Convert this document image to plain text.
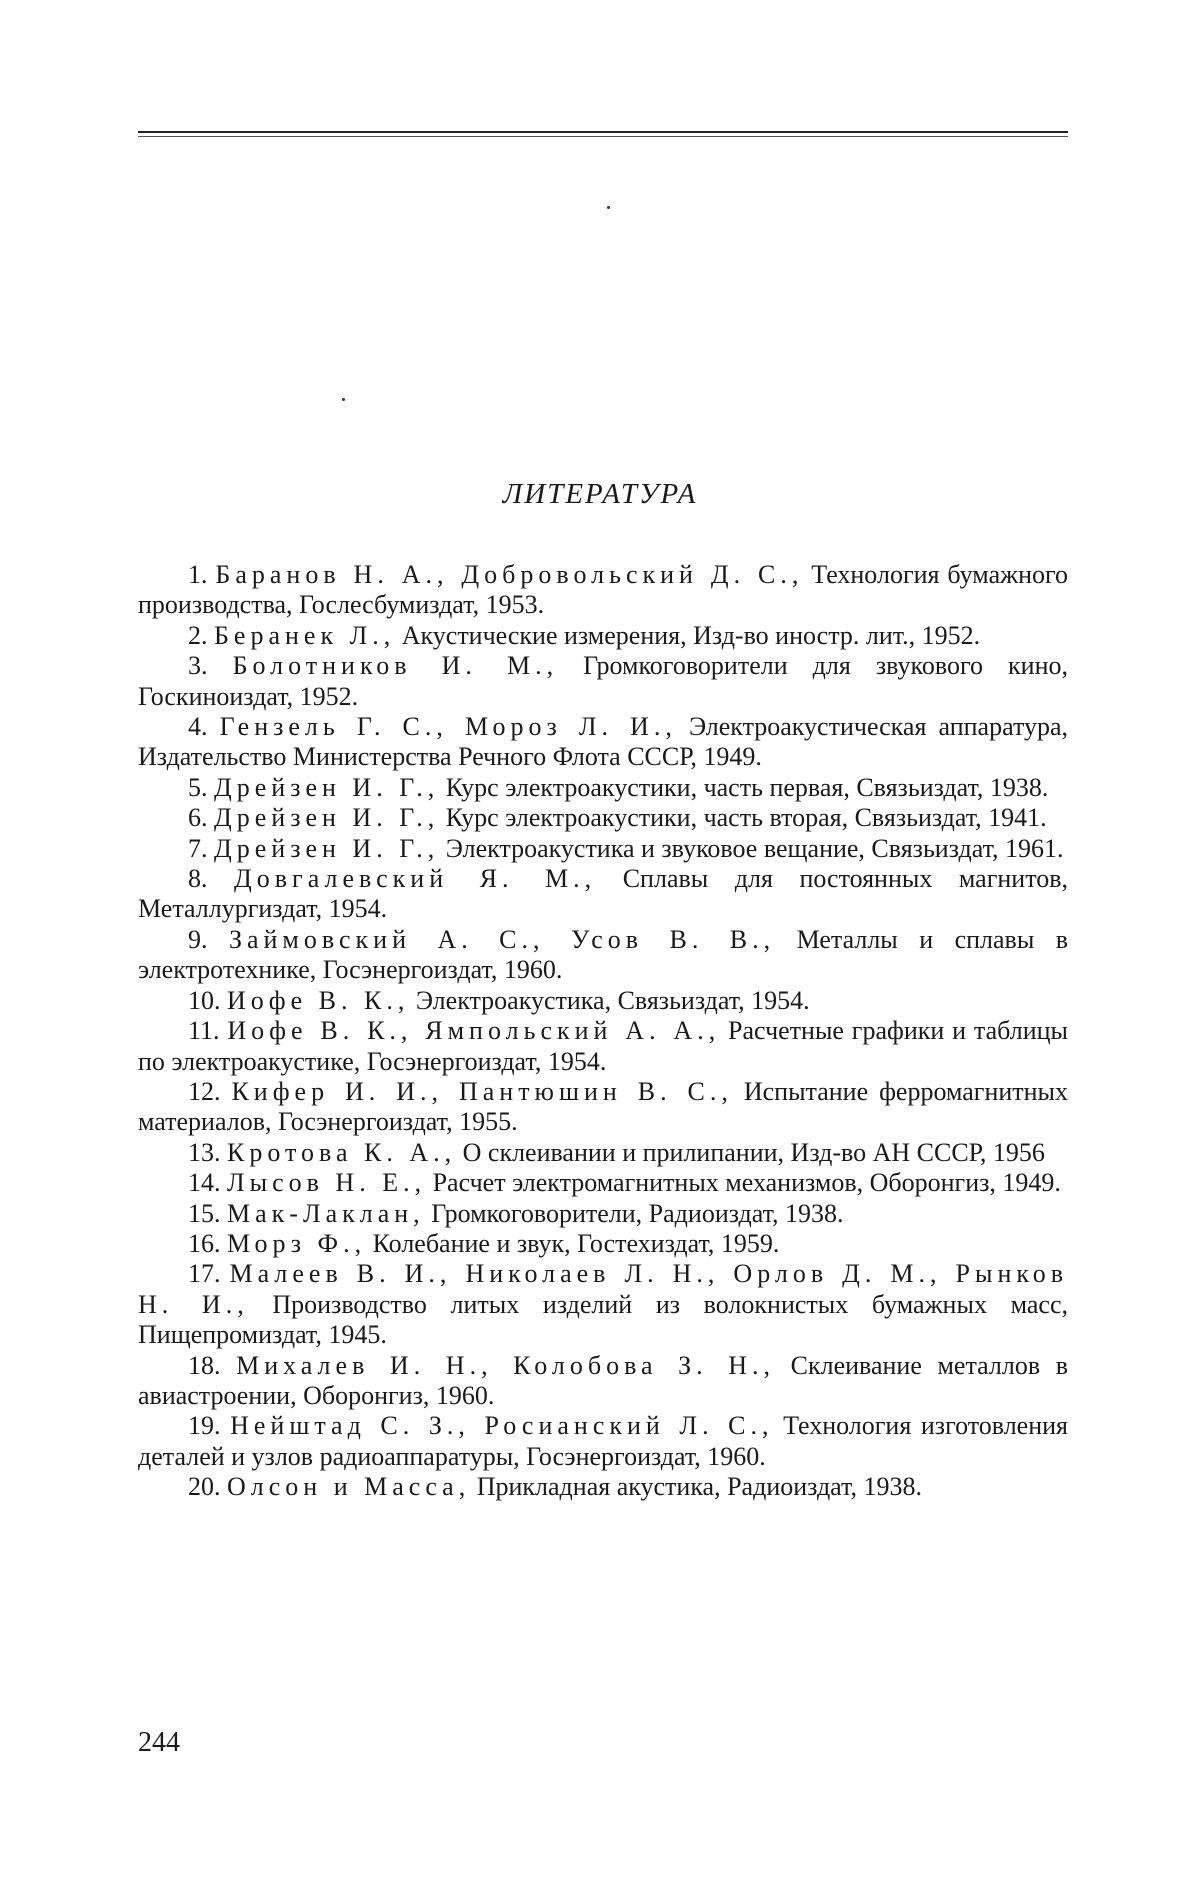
ЛИТЕРАТУРА
1. Баранов Н. А., Добровольский Д. С., Технология бумажного производства, Гослесбумиздат, 1953.
2. Беранек Л., Акустические измерения, Изд-во иностр. лит., 1952.
3. Болотников И. М., Громкоговорители для звукового кино, Госкиноиздат, 1952.
4. Гензель Г. С., Мороз Л. И., Электроакустическая аппаратура, Издательство Министерства Речного Флота СССР, 1949.
5. Дрейзен И. Г., Курс электроакустики, часть первая, Связьиздат, 1938.
6. Дрейзен И. Г., Курс электроакустики, часть вторая, Связьиздат, 1941.
7. Дрейзен И. Г., Электроакустика и звуковое вещание, Связьиздат, 1961.
8. Довгалевский Я. М., Сплавы для постоянных магнитов, Металлургиздат, 1954.
9. Займовский А. С., Усов В. В., Металлы и сплавы в электротехнике, Госэнергоиздат, 1960.
10. Иофе В. К., Электроакустика, Связьиздат, 1954.
11. Иофе В. К., Ямпольский А. А., Расчетные графики и таблицы по электроакустике, Госэнергоиздат, 1954.
12. Кифер И. И., Пантюшин В. С., Испытание ферромагнитных материалов, Госэнергоиздат, 1955.
13. Кротова К. А., О склеивании и прилипании, Изд-во АН СССР, 1956
14. Лысов Н. Е., Расчет электромагнитных механизмов, Оборонгиз, 1949.
15. Мак-Лаклан, Громкоговорители, Радиоиздат, 1938.
16. Морз Ф., Колебание и звук, Гостехиздат, 1959.
17. Малеев В. И., Николаев Л. Н., Орлов Д. М., Рынков Н. И., Производство литых изделий из волокнистых бумажных масс, Пищепромиздат, 1945.
18. Михалев И. Н., Колобова З. Н., Склеивание металлов в авиастроении, Оборонгиз, 1960.
19. Нейштад С. З., Росианский Л. С., Технология изготовления деталей и узлов радиоаппаратуры, Госэнергоиздат, 1960.
20. Олсон и Масса, Прикладная акустика, Радиоиздат, 1938.
244
